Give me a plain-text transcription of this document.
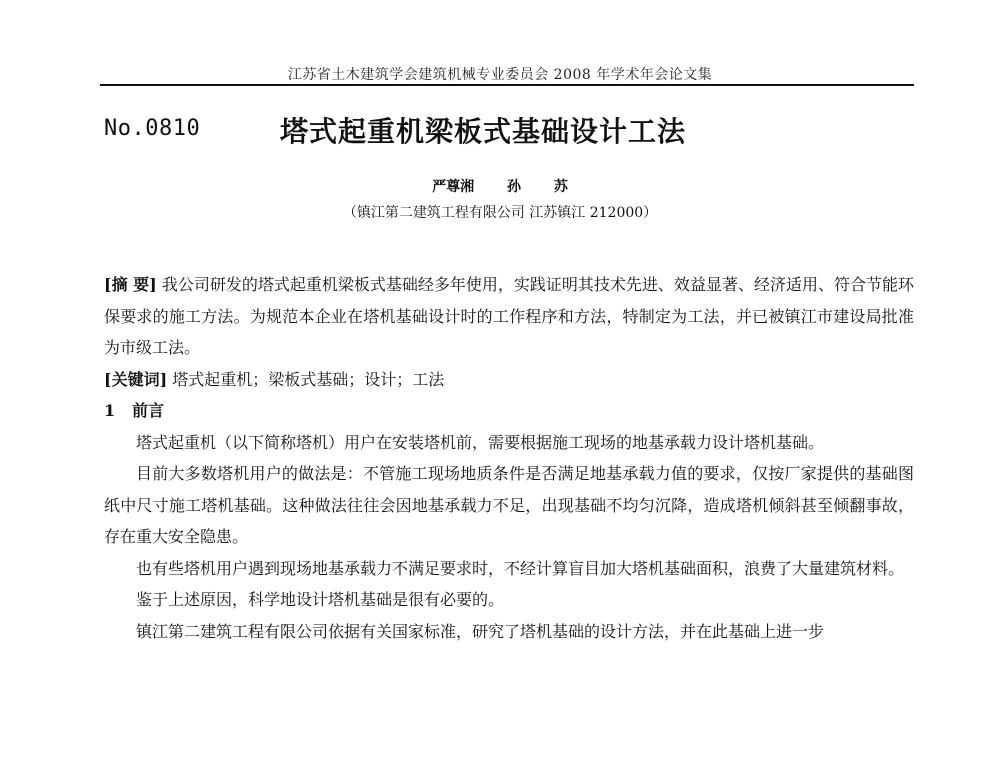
江苏省土木建筑学会建筑机械专业委员会 2008 年学术年会论文集
No.0810	塔式起重机梁板式基础设计工法
严尊湘 孙 苏
（镇江第二建筑工程有限公司 江苏镇江 212000）

[摘 要] 我公司研发的塔式起重机梁板式基础经多年使用，实践证明其技术先进、效益显著、经济适用、符合节能环保要求的施工方法。为规范本企业在塔机基础设计时的工作程序和方法，特制定为工法，并已被镇江市建设局批准为市级工法。

[关键词] 塔式起重机；梁板式基础；设计；工法

1 前言

塔式起重机（以下简称塔机）用户在安装塔机前，需要根据施工现场的地基承载力设计塔机基础。

目前大多数塔机用户的做法是：不管施工现场地质条件是否满足地基承载力值的要求，仅按厂家提供的基础图纸中尺寸施工塔机基础。这种做法往往会因地基承载力不足，出现基础不均匀沉降，造成塔机倾斜甚至倾翻事故，存在重大安全隐患。

也有些塔机用户遇到现场地基承载力不满足要求时，不经计算盲目加大塔机基础面积，浪费了大量建筑材料。

鉴于上述原因，科学地设计塔机基础是很有必要的。

镇江第二建筑工程有限公司依据有关国家标准，研究了塔机基础的设计方法，并在此基础上进一步
